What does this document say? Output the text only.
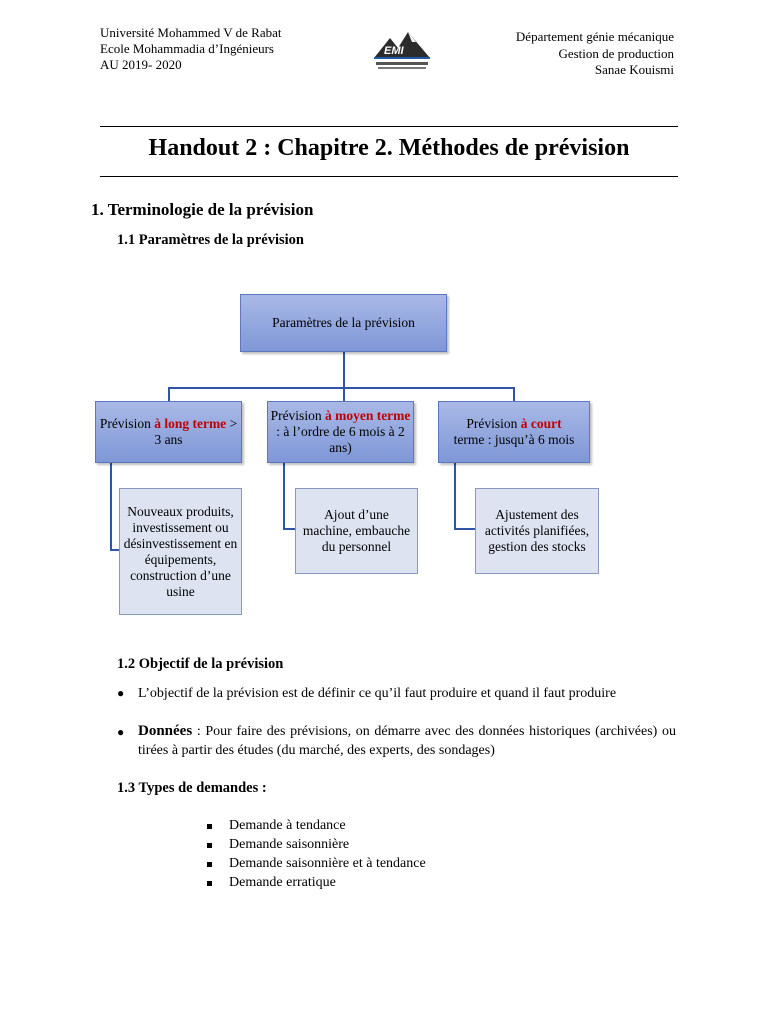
Université Mohammed V de Rabat
Ecole Mohammadia d’Ingénieurs
AU 2019- 2020
EMI
Département génie mécanique
Gestion de production
Sanae Kouismi
Handout 2 : Chapitre 2. Méthodes de prévision
1. Terminologie de la prévision
1.1 Paramètres de la prévision
Paramètres de la prévision
Prévision à long terme > 3 ans
Prévision à moyen terme : à l’ordre de 6 mois à 2 ans)
Prévision à court
terme : jusqu’à 6 mois
Nouveaux produits, investissement ou désinvestissement en équipements, construction d’une usine
Ajout d’une machine, embauche du personnel
Ajustement des activités planifiées, gestion des stocks
1.2 Objectif de la prévision
● L’objectif de la prévision est de définir ce qu’il faut produire et quand il faut produire
● Données : Pour faire des prévisions, on démarre avec des données historiques (archivées) ou tirées à partir des études (du marché, des experts, des sondages)
1.3 Types de demandes :
Demande à tendance
Demande saisonnière
Demande saisonnière et à tendance
Demande erratique
